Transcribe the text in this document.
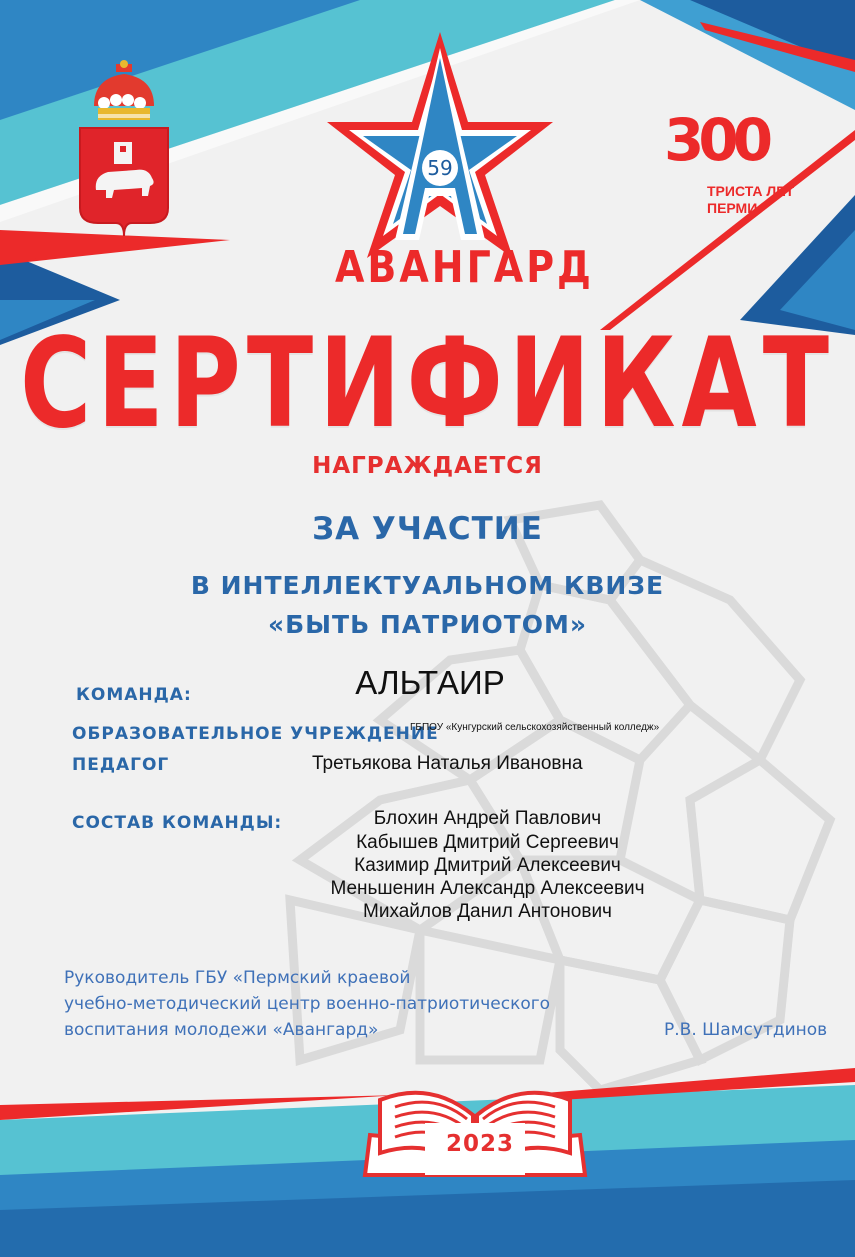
59
АВАНГАРД
300
ТРИСТА ЛЕТ
ПЕРМИ
СЕРТИФИКАТ
НАГРАЖДАЕТСЯ
ЗА УЧАСТИЕ
В ИНТЕЛЛЕКТУАЛЬНОМ КВИЗЕ
«БЫТЬ ПАТРИОТОМ»
КОМАНДА:	АЛЬТАИР
ОБРАЗОВАТЕЛЬНОЕ УЧРЕЖДЕНИЕ
ГБПОУ «Кунгурский сельскохозяйственный колледж»
ПЕДАГОГ	Третьякова Наталья Ивановна
СОСТАВ КОМАНДЫ:	Блохин Андрей Павлович
Кабышев Дмитрий Сергеевич
Казимир Дмитрий Алексеевич
Меньшенин Александр Алексеевич
Михайлов Данил Антонович
Руководитель ГБУ «Пермский краевой
учебно-методический центр военно-патриотического
воспитания молодежи «Авангард»	Р.В. Шамсутдинов
2023
